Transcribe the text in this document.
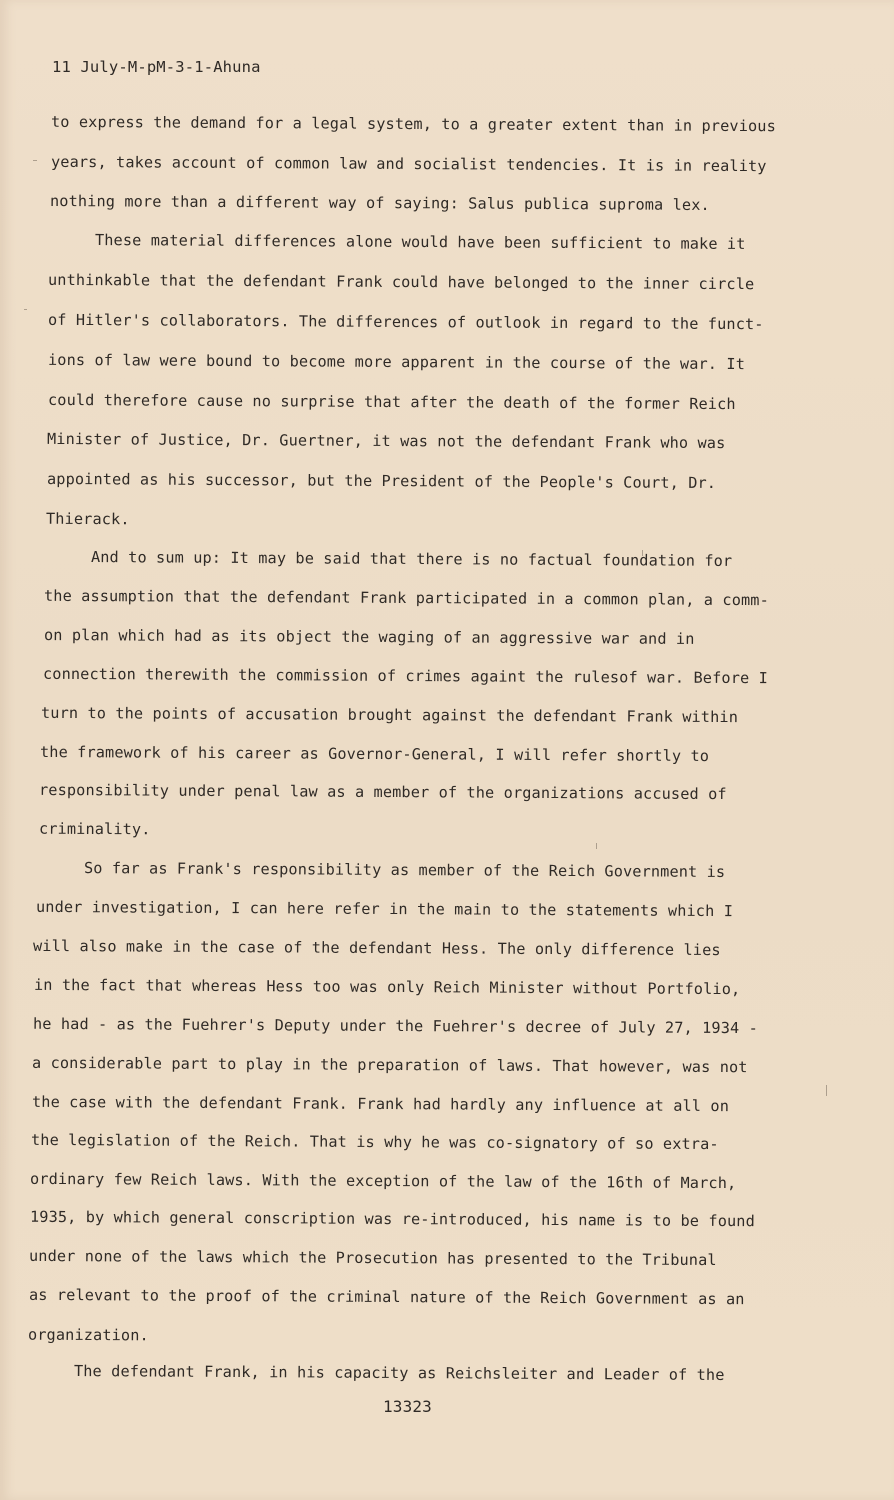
11 July-M-pM-3-1-Ahuna
to express the demand for a legal system, to a greater extent than in previous
years, takes account of common law and socialist tendencies. It is in reality
nothing more than a different way of saying: Salus publica suproma lex.
These material differences alone would have been sufficient to make it
unthinkable that the defendant Frank could have belonged to the inner circle
of Hitler's collaborators. The differences of outlook in regard to the funct-
ions of law were bound to become more apparent in the course of the war. It
could therefore cause no surprise that after the death of the former Reich
Minister of Justice, Dr. Guertner, it was not the defendant Frank who was
appointed as his successor, but the President of the People's Court, Dr.
Thierack.
And to sum up: It may be said that there is no factual foundation for
the assumption that the defendant Frank participated in a common plan, a comm-
on plan which had as its object the waging of an aggressive war and in
connection therewith the commission of crimes againt the rulesof war. Before I
turn to the points of accusation brought against the defendant Frank within
the framework of his career as Governor-General, I will refer shortly to
responsibility under penal law as a member of the organizations accused of
criminality.
So far as Frank's responsibility as member of the Reich Government is
under investigation, I can here refer in the main to the statements which I
will also make in the case of the defendant Hess. The only difference lies
in the fact that whereas Hess too was only Reich Minister without Portfolio,
he had - as the Fuehrer's Deputy under the Fuehrer's decree of July 27, 1934 -
a considerable part to play in the preparation of laws. That however, was not
the case with the defendant Frank. Frank had hardly any influence at all on
the legislation of the Reich. That is why he was co-signatory of so extra-
ordinary few Reich laws. With the exception of the law of the 16th of March,
1935, by which general conscription was re-introduced, his name is to be found
under none of the laws which the Prosecution has presented to the Tribunal
as relevant to the proof of the criminal nature of the Reich Government as an
organization.
The defendant Frank, in his capacity as Reichsleiter and Leader of the
13323
